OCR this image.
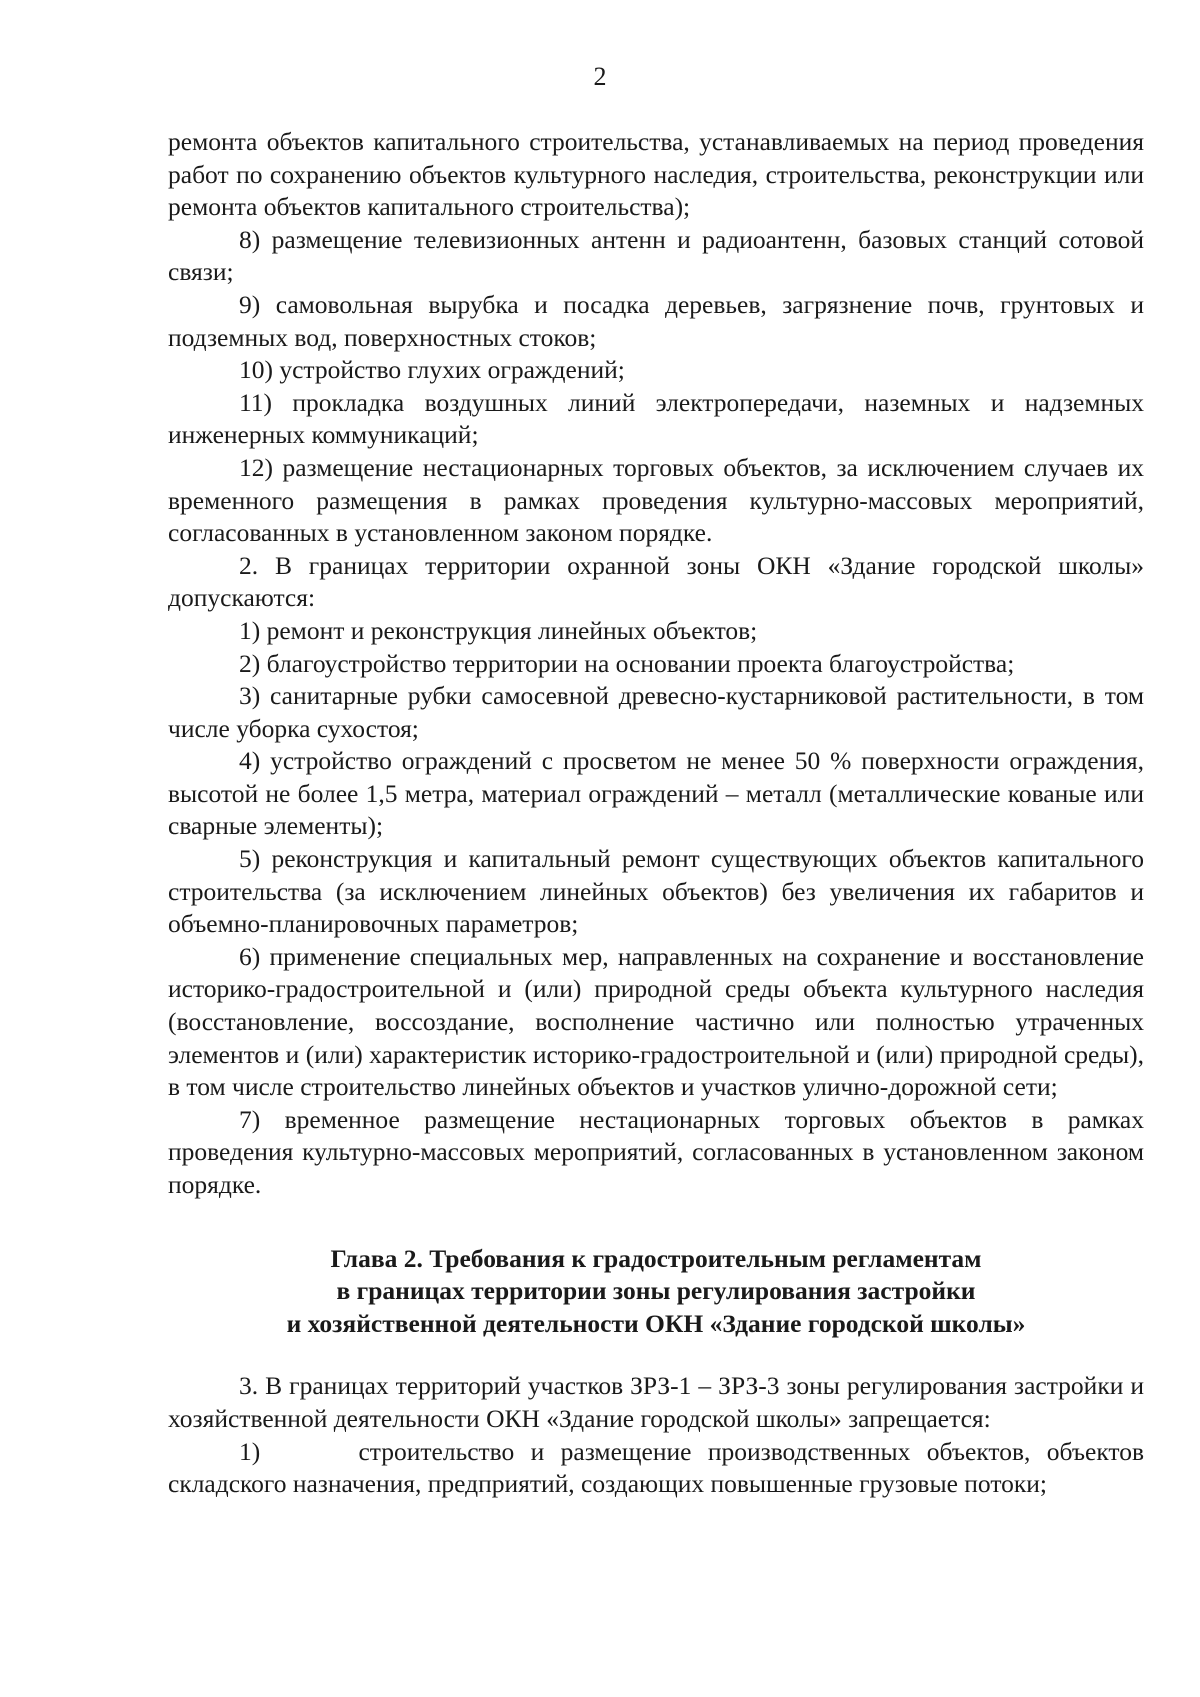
2

ремонта объектов капитального строительства, устанавливаемых на период проведения работ по сохранению объектов культурного наследия, строительства, реконструкции или ремонта объектов капитального строительства);

8) размещение телевизионных антенн и радиоантенн, базовых станций сотовой связи;

9) самовольная вырубка и посадка деревьев, загрязнение почв, грунтовых и подземных вод, поверхностных стоков;

10) устройство глухих ограждений;

11) прокладка воздушных линий электропередачи, наземных и надземных инженерных коммуникаций;

12) размещение нестационарных торговых объектов, за исключением случаев их временного размещения в рамках проведения культурно-массовых мероприятий, согласованных в установленном законом порядке.

2. В границах территории охранной зоны ОКН «Здание городской школы» допускаются:

1) ремонт и реконструкция линейных объектов;

2) благоустройство территории на основании проекта благоустройства;

3) санитарные рубки самосевной древесно-кустарниковой растительности, в том числе уборка сухостоя;

4) устройство ограждений с просветом не менее 50 % поверхности ограждения, высотой не более 1,5 метра, материал ограждений – металл (металлические кованые или сварные элементы);

5) реконструкция и капитальный ремонт существующих объектов капитального строительства (за исключением линейных объектов) без увеличения их габаритов и объемно-планировочных параметров;

6) применение специальных мер, направленных на сохранение и восстановление историко-градостроительной и (или) природной среды объекта культурного наследия (восстановление, воссоздание, восполнение частично или полностью утраченных элементов и (или) характеристик историко-градостроительной и (или) природной среды), в том числе строительство линейных объектов и участков улично-дорожной сети;

7) временное размещение нестационарных торговых объектов в рамках проведения культурно-массовых мероприятий, согласованных в установленном законом порядке.

Глава 2. Требования к градостроительным регламентам
в границах территории зоны регулирования застройки
и хозяйственной деятельности ОКН «Здание городской школы»

3. В границах территорий участков ЗРЗ-1 – ЗРЗ-3 зоны регулирования застройки и хозяйственной деятельности ОКН «Здание городской школы» запрещается:

1)      строительство и размещение производственных объектов, объектов складского назначения, предприятий, создающих повышенные грузовые потоки;
